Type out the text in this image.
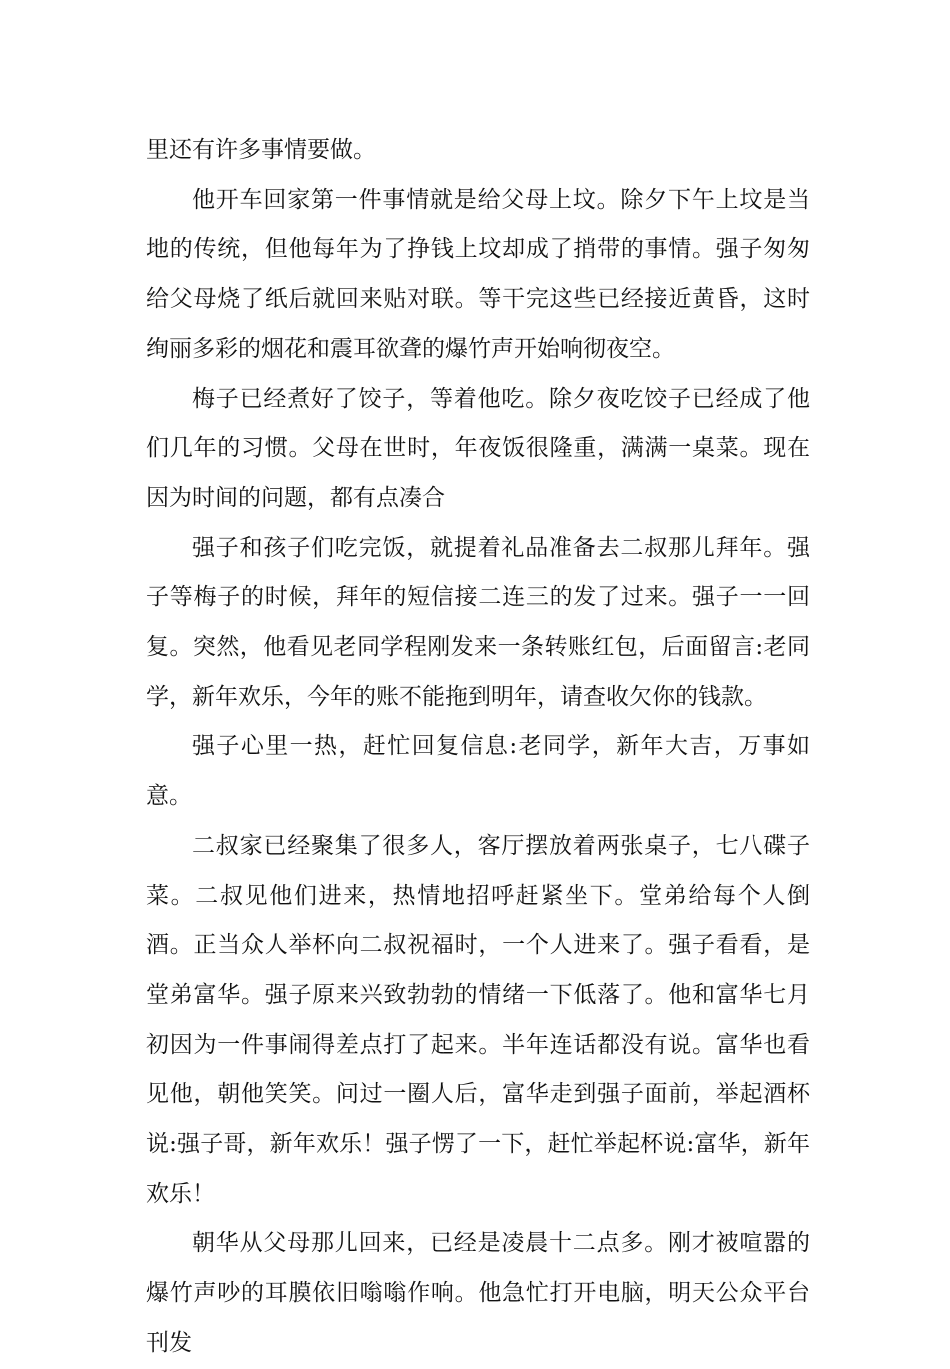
里还有许多事情要做。

他开车回家第一件事情就是给父母上坟。除夕下午上坟是当地的传统，但他每年为了挣钱上坟却成了捎带的事情。强子匆匆给父母烧了纸后就回来贴对联。等干完这些已经接近黄昏，这时绚丽多彩的烟花和震耳欲聋的爆竹声开始响彻夜空。

梅子已经煮好了饺子，等着他吃。除夕夜吃饺子已经成了他们几年的习惯。父母在世时，年夜饭很隆重，满满一桌菜。现在因为时间的问题，都有点凑合

强子和孩子们吃完饭，就提着礼品准备去二叔那儿拜年。强子等梅子的时候，拜年的短信接二连三的发了过来。强子一一回复。突然，他看见老同学程刚发来一条转账红包，后面留言:老同学，新年欢乐，今年的账不能拖到明年，请查收欠你的钱款。

强子心里一热，赶忙回复信息:老同学，新年大吉，万事如意。

二叔家已经聚集了很多人，客厅摆放着两张桌子，七八碟子菜。二叔见他们进来，热情地招呼赶紧坐下。堂弟给每个人倒酒。正当众人举杯向二叔祝福时，一个人进来了。强子看看，是堂弟富华。强子原来兴致勃勃的情绪一下低落了。他和富华七月初因为一件事闹得差点打了起来。半年连话都没有说。富华也看见他，朝他笑笑。问过一圈人后，富华走到强子面前，举起酒杯说:强子哥，新年欢乐！强子愣了一下，赶忙举起杯说:富华，新年欢乐！

朝华从父母那儿回来，已经是凌晨十二点多。刚才被喧嚣的爆竹声吵的耳膜依旧嗡嗡作响。他急忙打开电脑，明天公众平台刊发
